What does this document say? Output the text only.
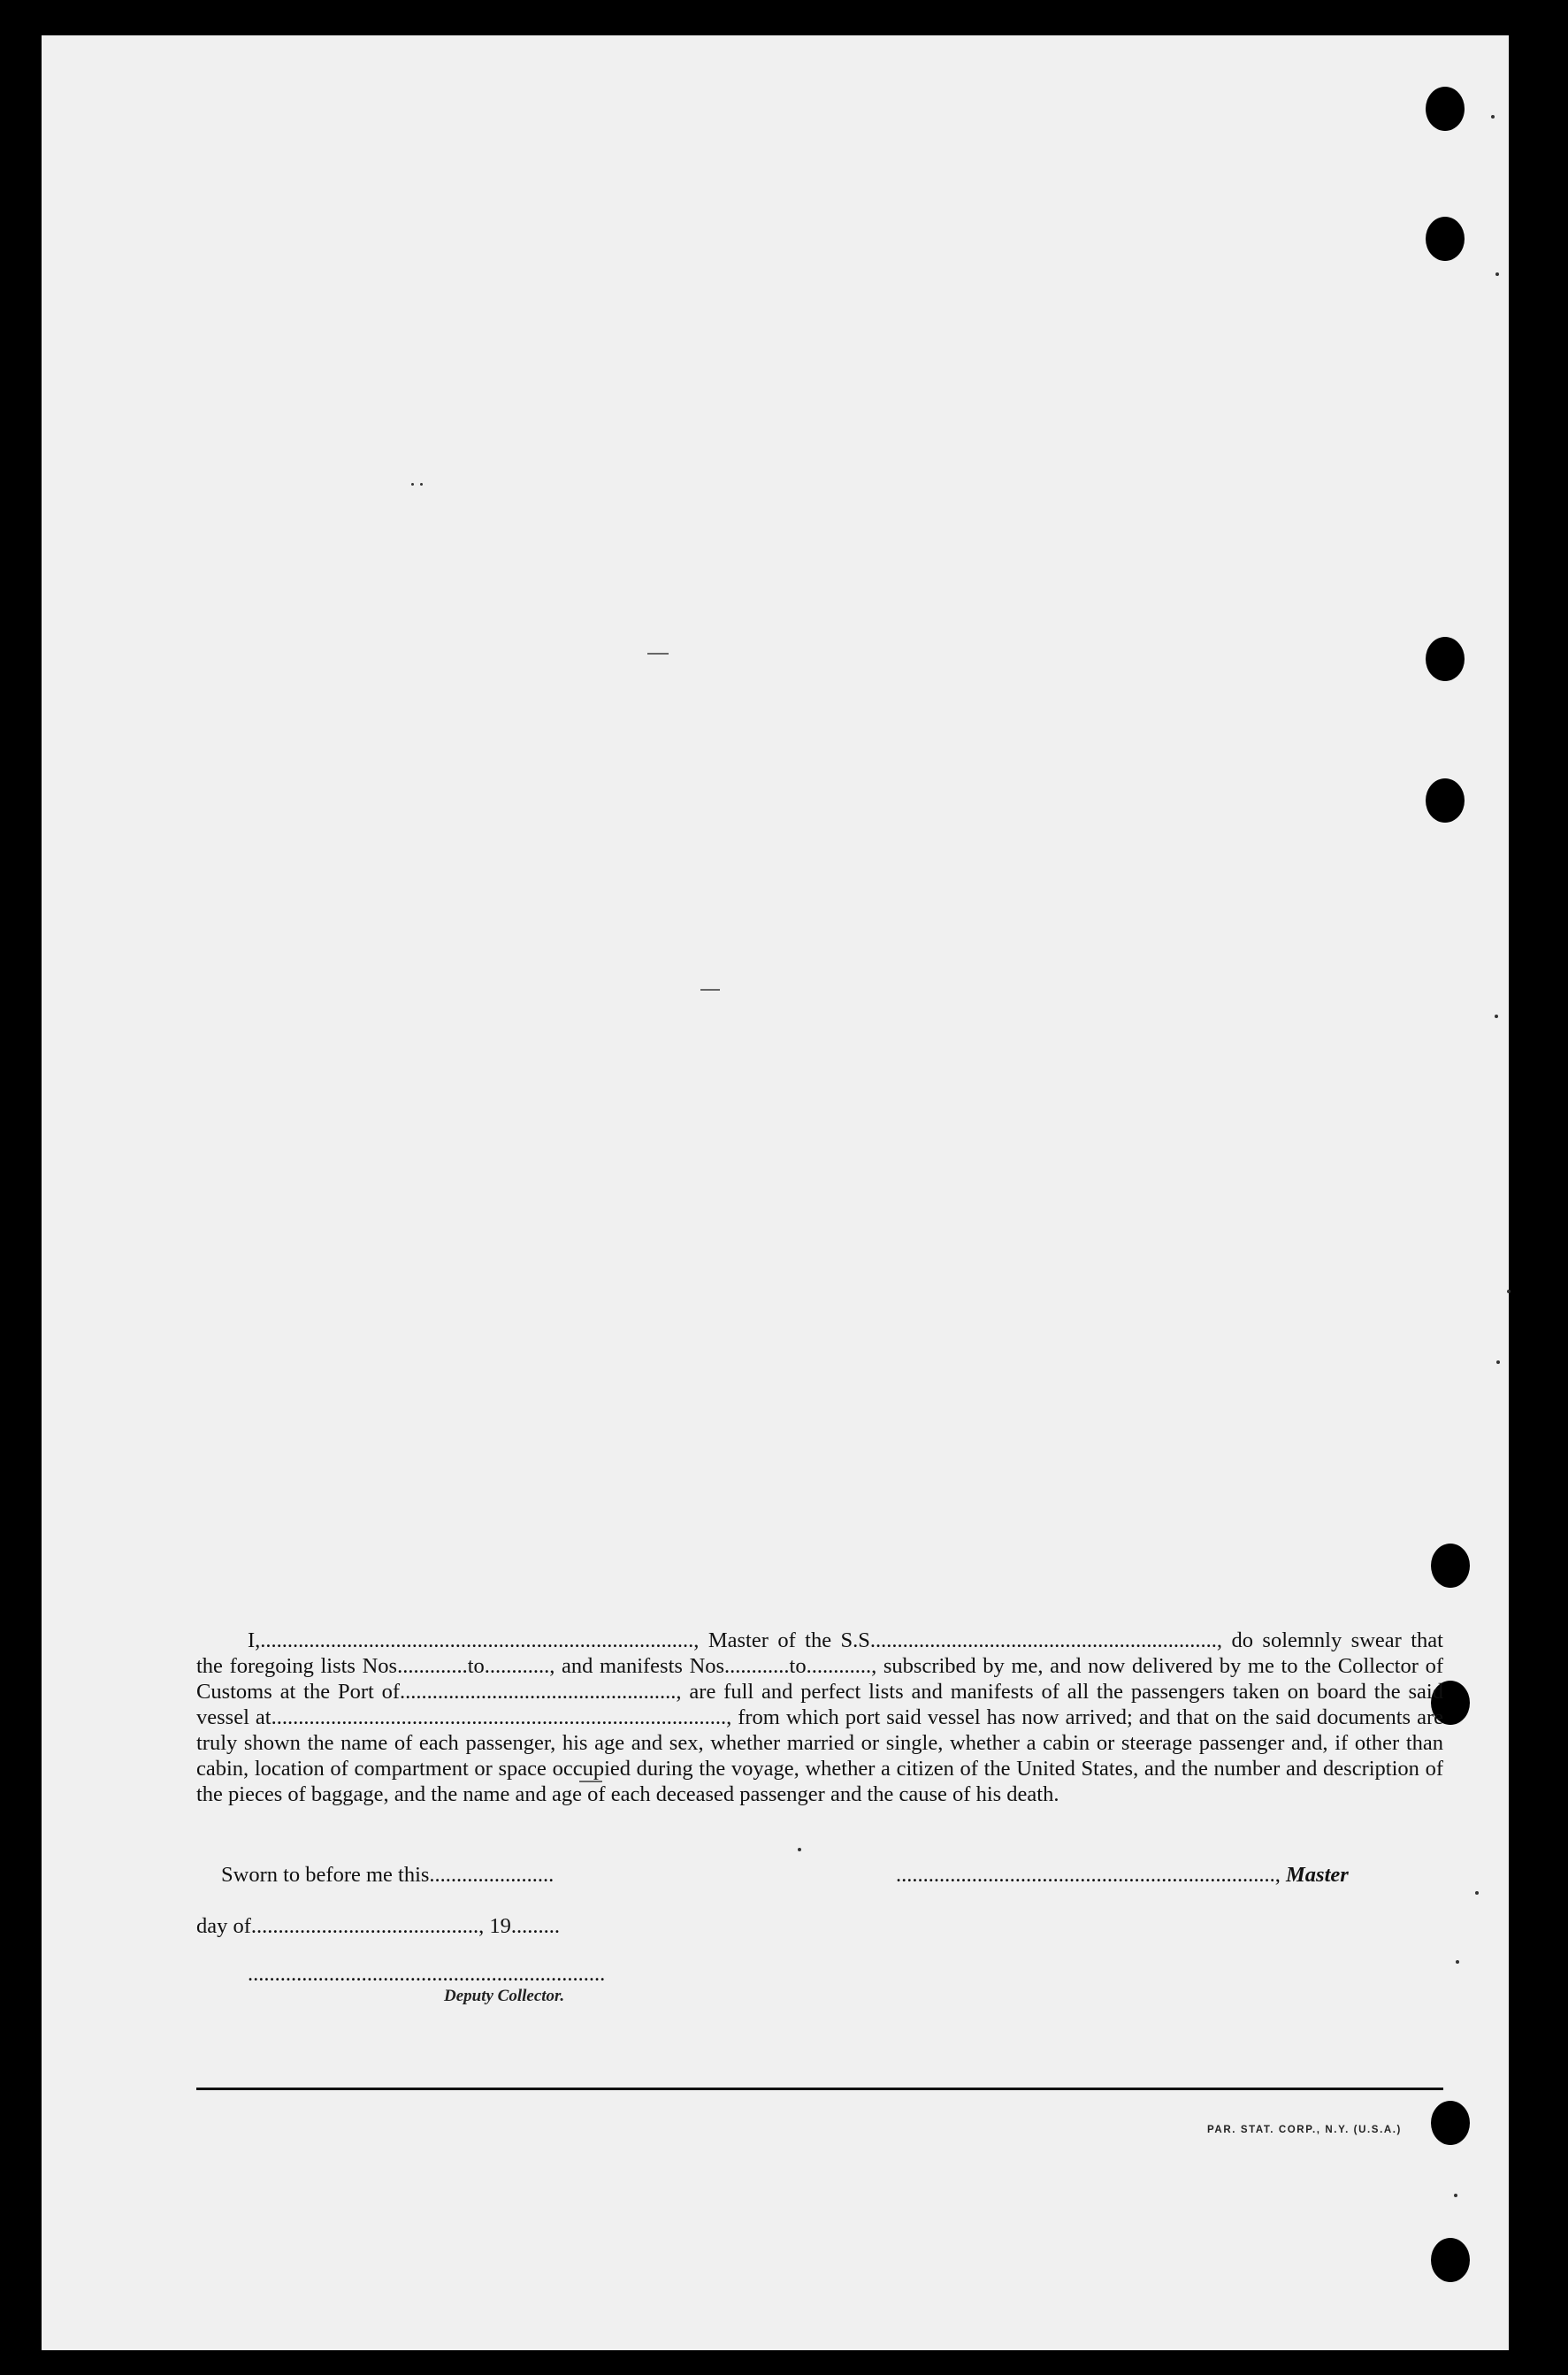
I,................................................................................, Master of the S.S................................................................, do solemnly swear that the foregoing lists Nos.............to............, and manifests Nos............to............, subscribed by me, and now delivered by me to the Collector of Customs at the Port of..................................................., are full and perfect lists and manifests of all the passengers taken on board the said vessel at...................................................................................., from which port said vessel has now arrived; and that on the said documents are truly shown the name of each passenger, his age and sex, whether married or single, whether a cabin or steerage passenger and, if other than cabin, location of compartment or space occupied during the voyage, whether a citizen of the United States, and the number and description of the pieces of baggage, and the name and age of each deceased passenger and the cause of his death.

Sworn to before me this.......................	......................................................................, Master
day of.........................................., 19.........
..................................................................
Deputy Collector.
PAR. STAT. CORP., N.Y. (U.S.A.)
